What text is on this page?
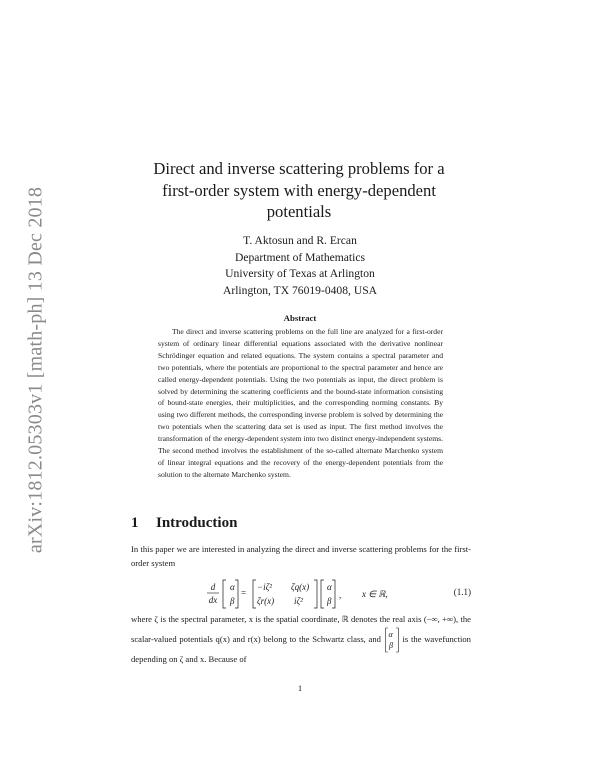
arXiv:1812.05303v1 [math-ph] 13 Dec 2018
Direct and inverse scattering problems for a
first-order system with energy-dependent
potentials
T. Aktosun and R. Ercan
Department of Mathematics
University of Texas at Arlington
Arlington, TX 76019-0408, USA
Abstract
The direct and inverse scattering problems on the full line are analyzed for a first-order system of ordinary linear differential equations associated with the derivative nonlinear Schrödinger equation and related equations. The system contains a spectral parameter and two potentials, where the potentials are proportional to the spectral parameter and hence are called energy-dependent potentials. Using the two potentials as input, the direct problem is solved by determining the scattering coefficients and the bound-state information consisting of bound-state energies, their multiplicities, and the corresponding norming constants. By using two different methods, the corresponding inverse problem is solved by determining the two potentials when the scattering data set is used as input. The first method involves the transformation of the energy-dependent system into two distinct energy-independent systems. The second method involves the establishment of the so-called alternate Marchenko system of linear integral equations and the recovery of the energy-dependent potentials from the solution to the alternate Marchenko system.
1 Introduction
In this paper we are interested in analyzing the direct and inverse scattering problems for the first-order system
d
dx
α
β
=
−iζ² ζq(x)
ζr(x) iζ²
α
β
, x ∈ ℝ,	(1.1)
where ζ is the spectral parameter, x is the spatial coordinate, ℝ denotes the real axis (−∞, +∞), the scalar-valued potentials q(x) and r(x) belong to the Schwartz class, and α
β
is the wavefunction depending on ζ and x. Because of
1
